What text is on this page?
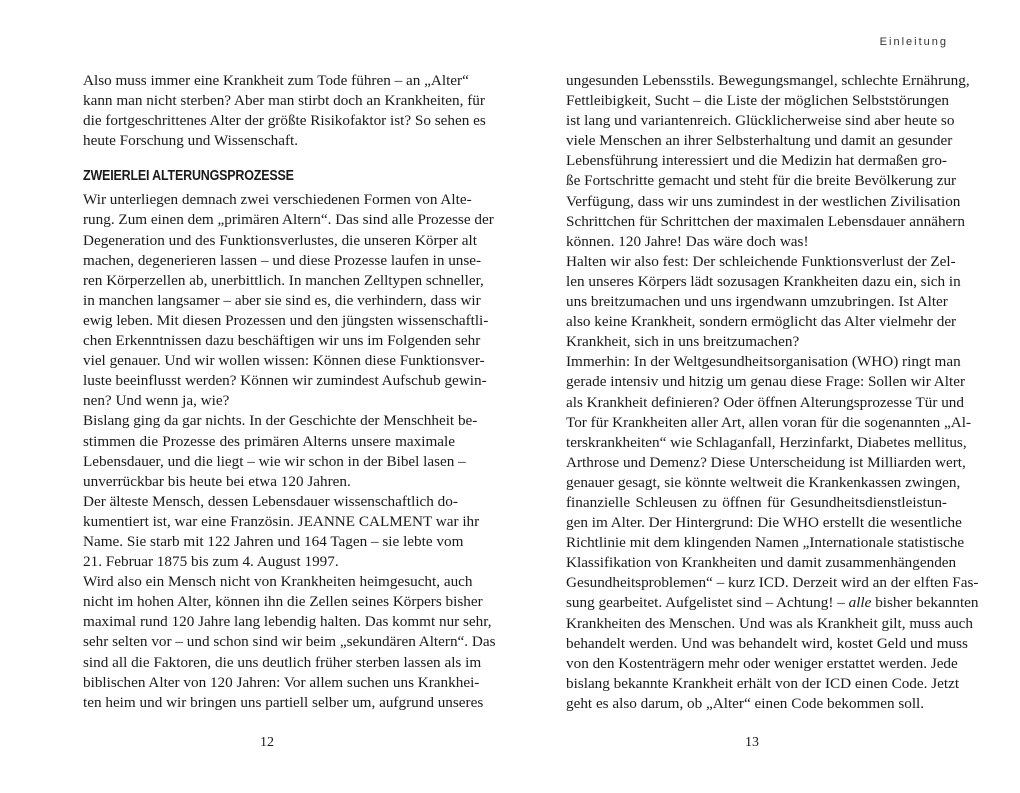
Also muss immer eine Krankheit zum Tode führen – an „Alter“
kann man nicht sterben? Aber man stirbt doch an Krankheiten, für
die fortgeschrittenes Alter der größte Risikofaktor ist? So sehen es
heute Forschung und Wissenschaft.
ZWEIERLEI ALTERUNGSPROZESSE
Wir unterliegen demnach zwei verschiedenen Formen von Alte-
rung. Zum einen dem „primären Altern“. Das sind alle Prozesse der
Degeneration und des Funktionsverlustes, die unseren Körper alt
machen, degenerieren lassen – und diese Prozesse laufen in unse-
ren Körperzellen ab, unerbittlich. In manchen Zelltypen schneller,
in manchen langsamer – aber sie sind es, die verhindern, dass wir
ewig leben. Mit diesen Prozessen und den jüngsten wissenschaftli-
chen Erkenntnissen dazu beschäftigen wir uns im Folgenden sehr
viel genauer. Und wir wollen wissen: Können diese Funktionsver-
luste beeinflusst werden? Können wir zumindest Aufschub gewin-
nen? Und wenn ja, wie?
Bislang ging da gar nichts. In der Geschichte der Menschheit be-
stimmen die Prozesse des primären Alterns unsere maximale
Lebensdauer, und die liegt – wie wir schon in der Bibel lasen –
unverrückbar bis heute bei etwa 120 Jahren.
Der älteste Mensch, dessen Lebensdauer wissenschaftlich do-
kumentiert ist, war eine Französin. JEANNE CALMENT war ihr
Name. Sie starb mit 122 Jahren und 164 Tagen – sie lebte vom
21. Februar 1875 bis zum 4. August 1997.
Wird also ein Mensch nicht von Krankheiten heimgesucht, auch
nicht im hohen Alter, können ihn die Zellen seines Körpers bisher
maximal rund 120 Jahre lang lebendig halten. Das kommt nur sehr,
sehr selten vor – und schon sind wir beim „sekundären Altern“. Das
sind all die Faktoren, die uns deutlich früher sterben lassen als im
biblischen Alter von 120 Jahren: Vor allem suchen uns Krankhei-
ten heim und wir bringen uns partiell selber um, aufgrund unseres
12
Einleitung
ungesunden Lebensstils. Bewegungsmangel, schlechte Ernährung,
Fettleibigkeit, Sucht – die Liste der möglichen Selbststörungen
ist lang und variantenreich. Glücklicherweise sind aber heute so
viele Menschen an ihrer Selbsterhaltung und damit an gesunder
Lebensführung interessiert und die Medizin hat dermaßen gro-
ße Fortschritte gemacht und steht für die breite Bevölkerung zur
Verfügung, dass wir uns zumindest in der westlichen Zivilisation
Schrittchen für Schrittchen der maximalen Lebensdauer annähern
können. 120 Jahre! Das wäre doch was!
Halten wir also fest: Der schleichende Funktionsverlust der Zel-
len unseres Körpers lädt sozusagen Krankheiten dazu ein, sich in
uns breitzumachen und uns irgendwann umzubringen. Ist Alter
also keine Krankheit, sondern ermöglicht das Alter vielmehr der
Krankheit, sich in uns breitzumachen?
Immerhin: In der Weltgesundheitsorganisation (WHO) ringt man
gerade intensiv und hitzig um genau diese Frage: Sollen wir Alter
als Krankheit definieren? Oder öffnen Alterungsprozesse Tür und
Tor für Krankheiten aller Art, allen voran für die sogenannten „Al-
terskrankheiten“ wie Schlaganfall, Herzinfarkt, Diabetes mellitus,
Arthrose und Demenz? Diese Unterscheidung ist Milliarden wert,
genauer gesagt, sie könnte weltweit die Krankenkassen zwingen,
finanzielle Schleusen zu öffnen für Gesundheitsdienstleistun-
gen im Alter. Der Hintergrund: Die WHO erstellt die wesentliche
Richtlinie mit dem klingenden Namen „Internationale statistische
Klassifikation von Krankheiten und damit zusammenhängenden
Gesundheitsproblemen“ – kurz ICD. Derzeit wird an der elften Fas-
sung gearbeitet. Aufgelistet sind – Achtung! – alle bisher bekannten
Krankheiten des Menschen. Und was als Krankheit gilt, muss auch
behandelt werden. Und was behandelt wird, kostet Geld und muss
von den Kostenträgern mehr oder weniger erstattet werden. Jede
bislang bekannte Krankheit erhält von der ICD einen Code. Jetzt
geht es also darum, ob „Alter“ einen Code bekommen soll.
13
